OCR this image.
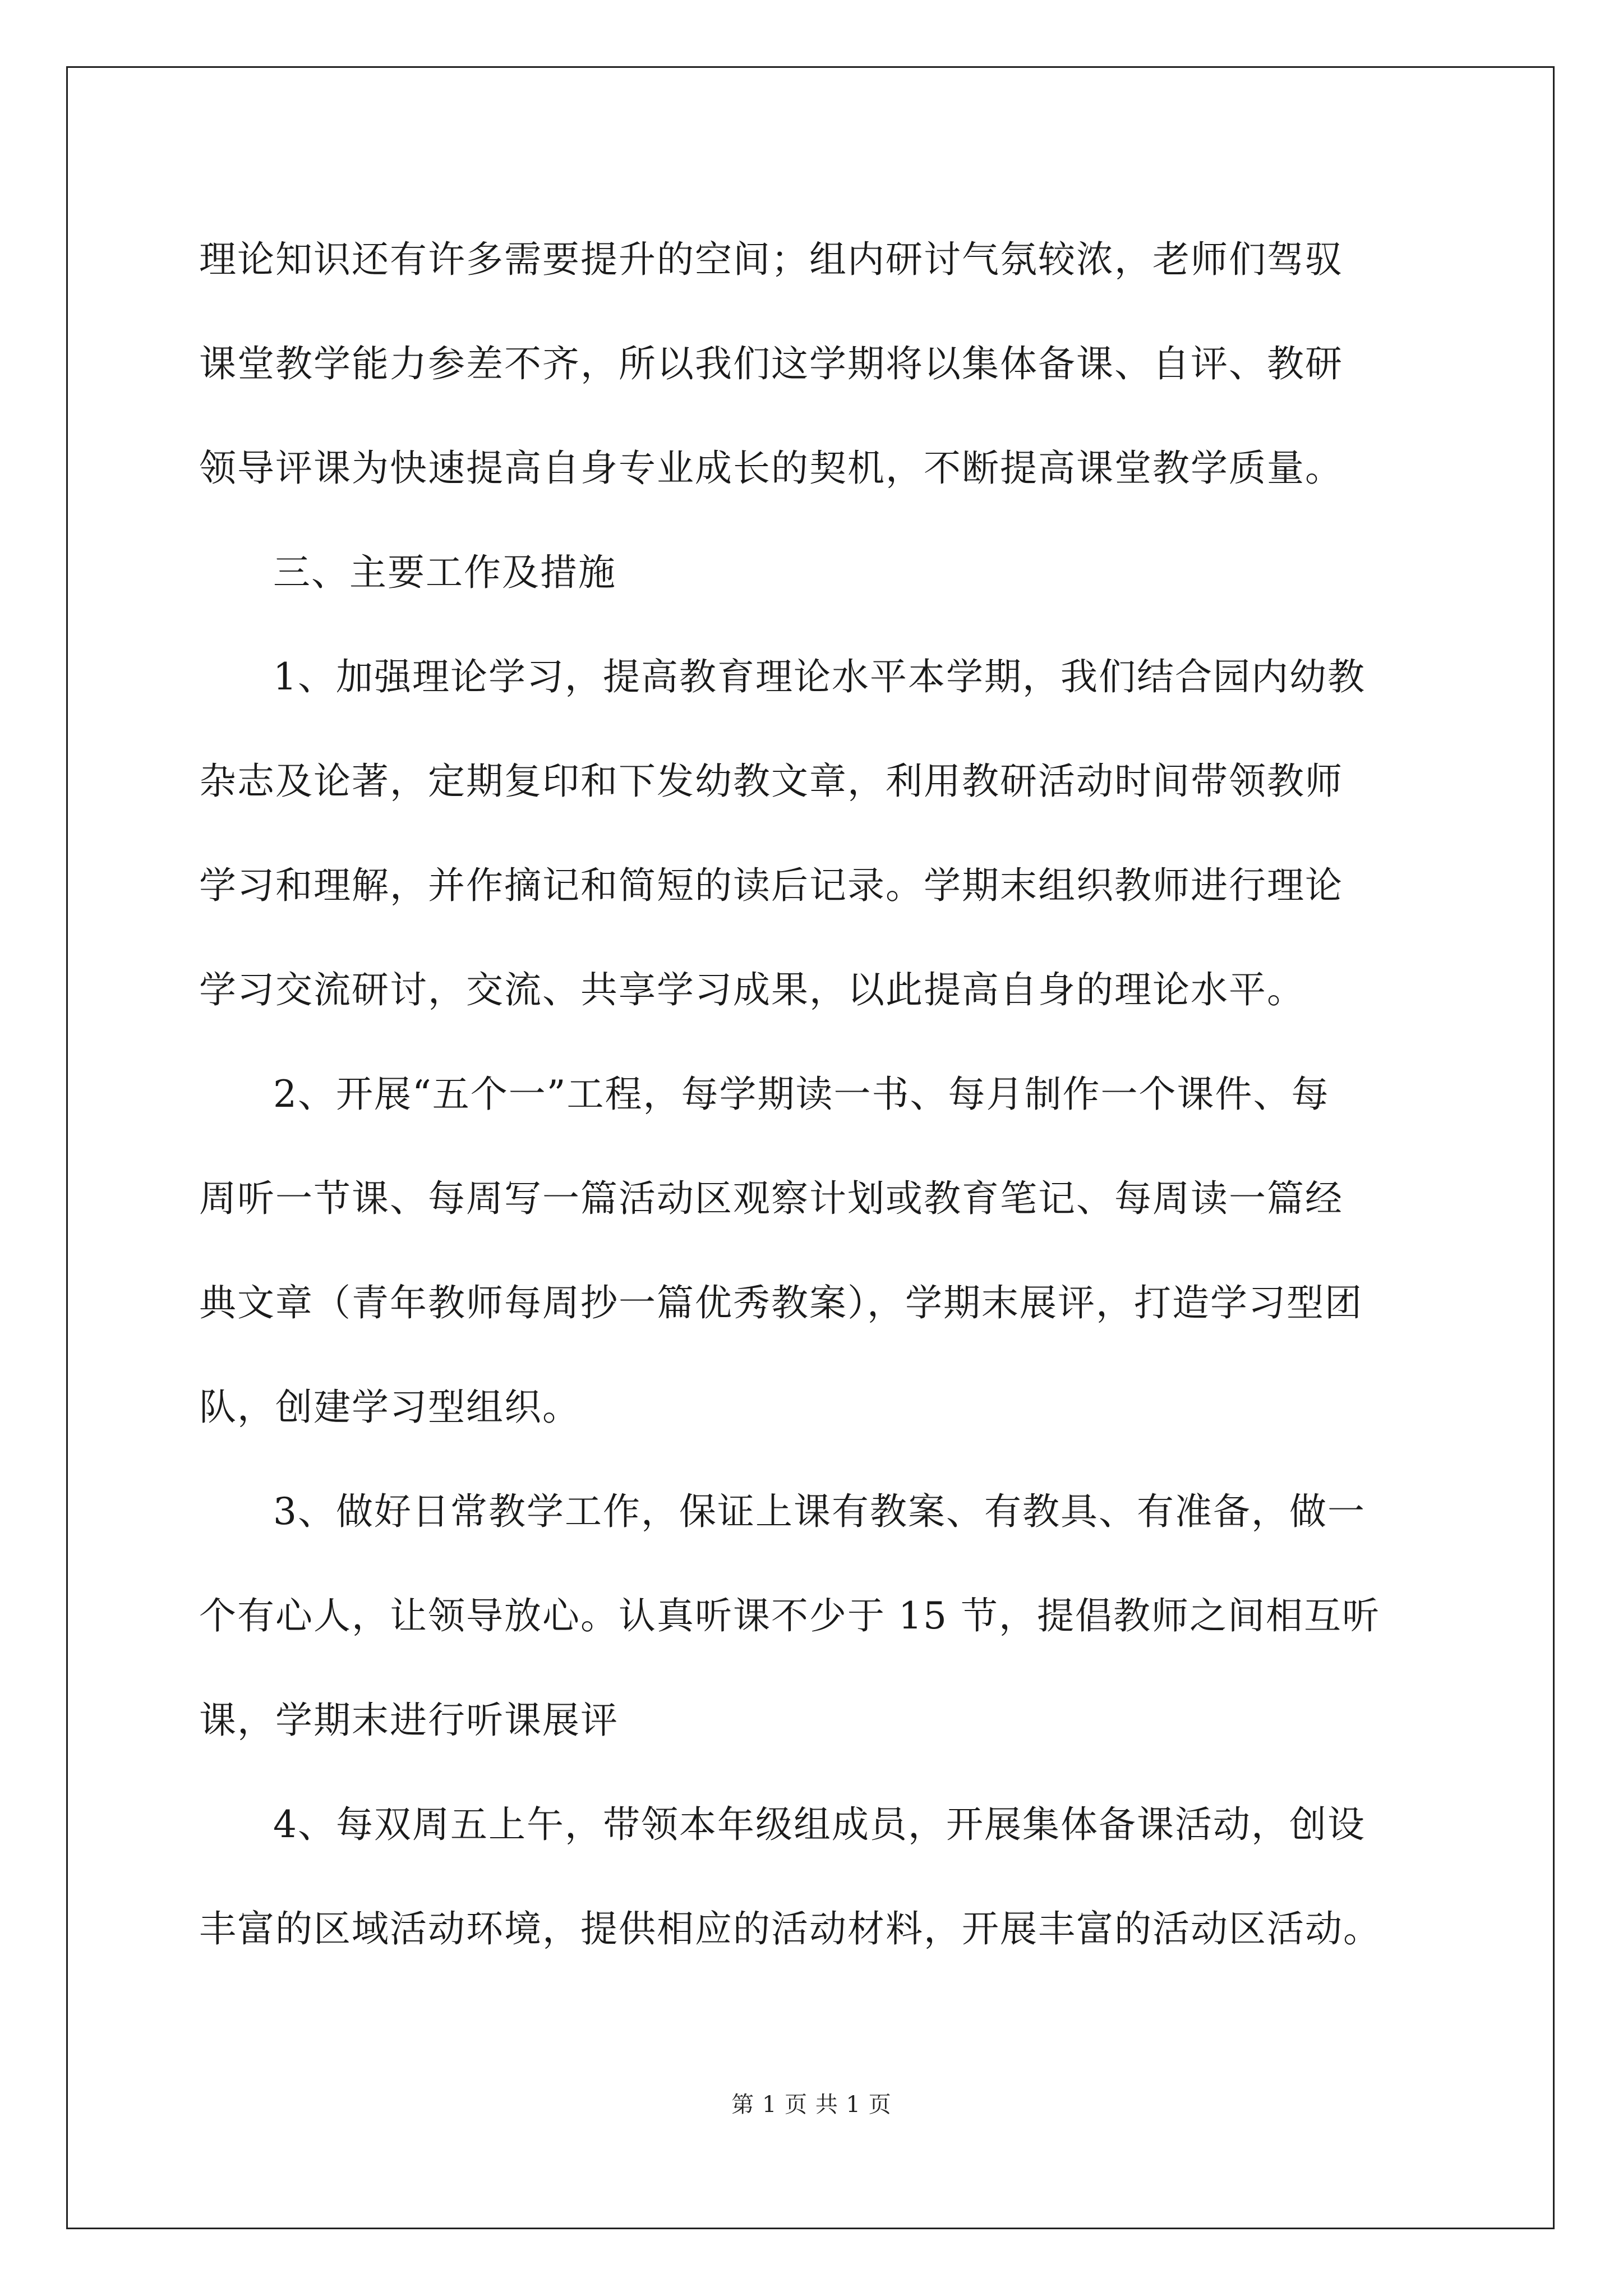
理论知识还有许多需要提升的空间；组内研讨气氛较浓，老师们驾驭
课堂教学能力参差不齐，所以我们这学期将以集体备课、自评、教研
领导评课为快速提高自身专业成长的契机，不断提高课堂教学质量。

三、主要工作及措施

1、加强理论学习，提高教育理论水平本学期，我们结合园内幼教
杂志及论著，定期复印和下发幼教文章，利用教研活动时间带领教师
学习和理解，并作摘记和简短的读后记录。学期末组织教师进行理论
学习交流研讨，交流、共享学习成果，以此提高自身的理论水平。

2、开展“五个一”工程，每学期读一书、每月制作一个课件、每
周听一节课、每周写一篇活动区观察计划或教育笔记、每周读一篇经
典文章（青年教师每周抄一篇优秀教案），学期末展评，打造学习型团
队，创建学习型组织。

3、做好日常教学工作，保证上课有教案、有教具、有准备，做一
个有心人，让领导放心。认真听课不少于 15 节，提倡教师之间相互听
课，学期末进行听课展评

4、每双周五上午，带领本年级组成员，开展集体备课活动，创设
丰富的区域活动环境，提供相应的活动材料，开展丰富的活动区活动。

第 1 页 共 1 页
